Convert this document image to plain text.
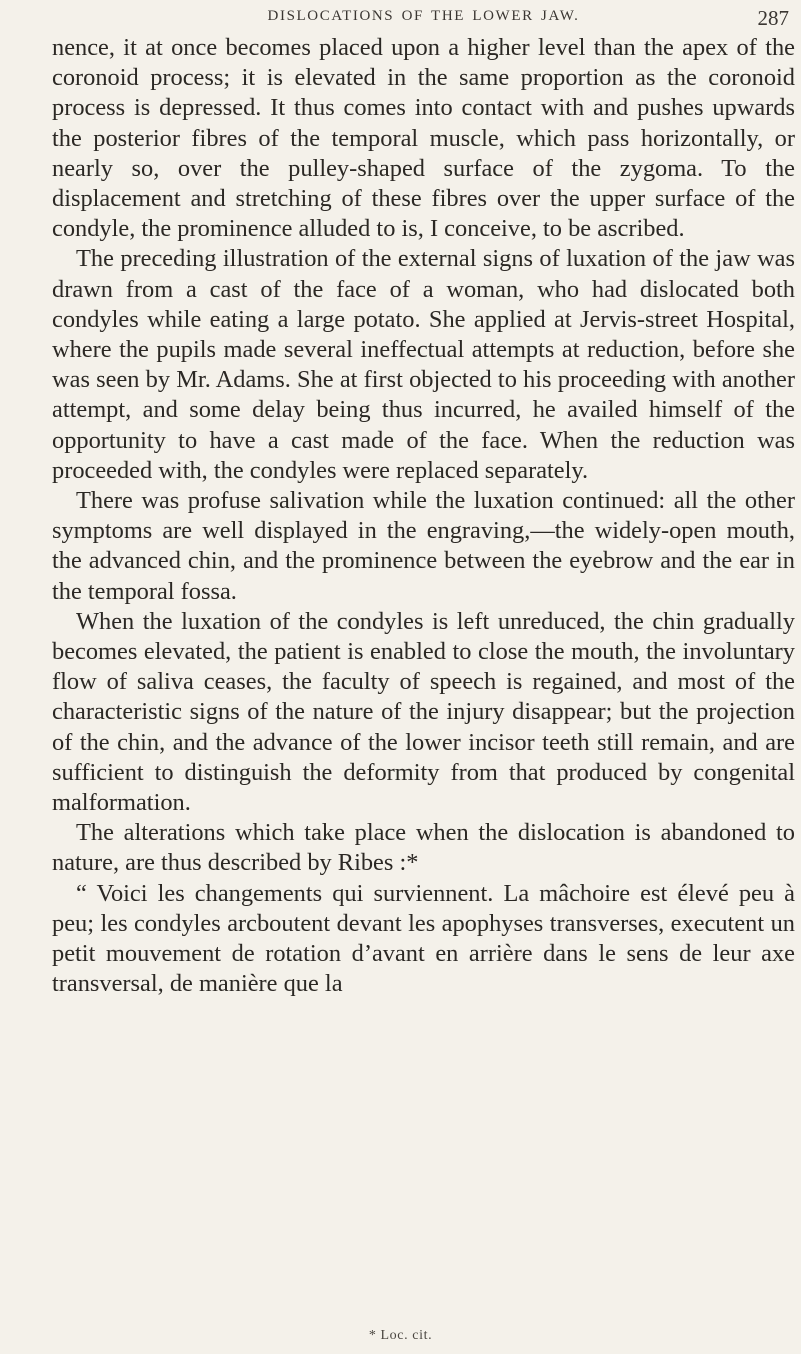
DISLOCATIONS OF THE LOWER JAW.	287

nence, it at once becomes placed upon a higher level than the apex of the coronoid process; it is elevated in the same proportion as the coronoid process is depressed. It thus comes into contact with and pushes upwards the posterior fibres of the temporal muscle, which pass horizontally, or nearly so, over the pulley-shaped surface of the zygoma. To the displacement and stretching of these fibres over the upper surface of the condyle, the prominence alluded to is, I conceive, to be ascribed.

The preceding illustration of the external signs of luxation of the jaw was drawn from a cast of the face of a woman, who had dislocated both condyles while eating a large potato. She applied at Jervis-street Hospital, where the pupils made several ineffectual attempts at reduction, before she was seen by Mr. Adams. She at first objected to his proceeding with another attempt, and some delay being thus incurred, he availed himself of the opportunity to have a cast made of the face. When the reduction was proceeded with, the condyles were replaced separately.

There was profuse salivation while the luxation continued: all the other symptoms are well displayed in the engraving,—the widely-open mouth, the advanced chin, and the prominence between the eyebrow and the ear in the temporal fossa.

When the luxation of the condyles is left unreduced, the chin gradually becomes elevated, the patient is enabled to close the mouth, the involuntary flow of saliva ceases, the faculty of speech is regained, and most of the characteristic signs of the nature of the injury disappear; but the projection of the chin, and the advance of the lower incisor teeth still remain, and are sufficient to distinguish the deformity from that produced by congenital malformation.

The alterations which take place when the dislocation is abandoned to nature, are thus described by Ribes :*

“ Voici les changements qui surviennent. La mâchoire est élevé peu à peu; les condyles arcboutent devant les apophyses transverses, executent un petit mouvement de rotation d’avant en arrière dans le sens de leur axe transversal, de manière que la

* Loc. cit.
